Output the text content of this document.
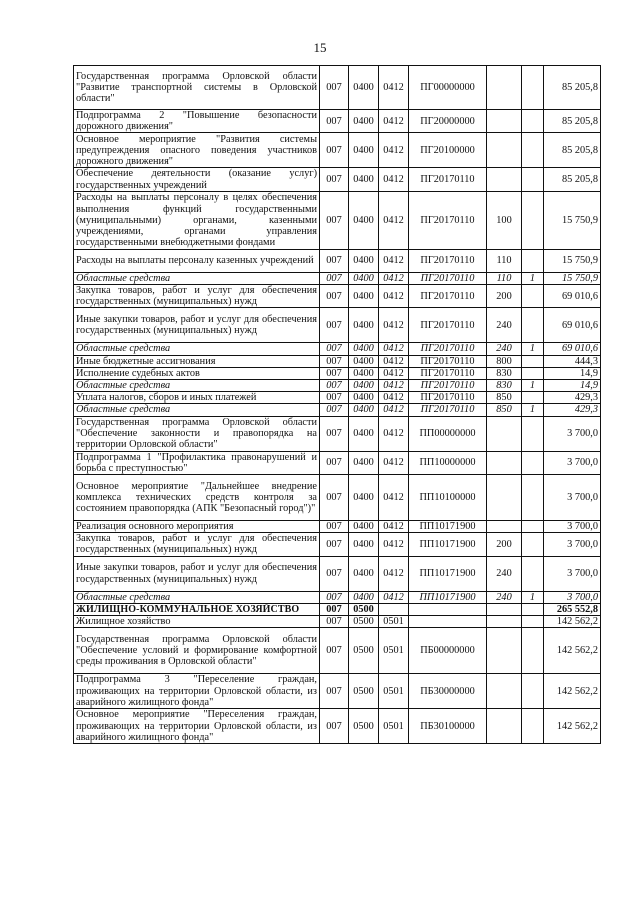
15
Государственная программа Орловской области "Развитие транспортной системы в Орловской области"	007	0400	0412	ПГ00000000			85 205,8
Подпрограмма 2 "Повышение безопасности дорожного движения"	007	0400	0412	ПГ20000000			85 205,8
Основное мероприятие "Развития системы предупреждения опасного поведения участников дорожного движения"	007	0400	0412	ПГ20100000			85 205,8
Обеспечение деятельности (оказание услуг) государственных учреждений	007	0400	0412	ПГ20170110			85 205,8
Расходы на выплаты персоналу в целях обеспечения выполнения функций государственными (муниципальными) органами, казенными учреждениями, органами управления государственными внебюджетными фондами	007	0400	0412	ПГ20170110	100		15 750,9
Расходы на выплаты персоналу казенных учреждений	007	0400	0412	ПГ20170110	110		15 750,9
Областные средства	007	0400	0412	ПГ20170110	110	1	15 750,9
Закупка товаров, работ и услуг для обеспечения государственных (муниципальных) нужд	007	0400	0412	ПГ20170110	200		69 010,6
Иные закупки товаров, работ и услуг для обеспечения государственных (муниципальных) нужд	007	0400	0412	ПГ20170110	240		69 010,6
Областные средства	007	0400	0412	ПГ20170110	240	1	69 010,6
Иные бюджетные ассигнования	007	0400	0412	ПГ20170110	800		444,3
Исполнение судебных актов	007	0400	0412	ПГ20170110	830		14,9
Областные средства	007	0400	0412	ПГ20170110	830	1	14,9
Уплата налогов, сборов и иных платежей	007	0400	0412	ПГ20170110	850		429,3
Областные средства	007	0400	0412	ПГ20170110	850	1	429,3
Государственная программа Орловской области "Обеспечение законности и правопорядка на территории Орловской области"	007	0400	0412	ПП00000000			3 700,0
Подпрограмма 1 "Профилактика правонарушений и борьба с преступностью"	007	0400	0412	ПП10000000			3 700,0
Основное мероприятие "Дальнейшее внедрение комплекса технических средств контроля за состоянием правопорядка (АПК "Безопасный город")"	007	0400	0412	ПП10100000			3 700,0
Реализация основного мероприятия	007	0400	0412	ПП10171900			3 700,0
Закупка товаров, работ и услуг для обеспечения государственных (муниципальных) нужд	007	0400	0412	ПП10171900	200		3 700,0
Иные закупки товаров, работ и услуг для обеспечения государственных (муниципальных) нужд	007	0400	0412	ПП10171900	240		3 700,0
Областные средства	007	0400	0412	ПП10171900	240	1	3 700,0
ЖИЛИЩНО-КОММУНАЛЬНОЕ ХОЗЯЙСТВО	007	0500					265 552,8
Жилищное хозяйство	007	0500	0501				142 562,2
Государственная программа Орловской области "Обеспечение условий и формирование комфортной среды проживания в Орловской области"	007	0500	0501	ПБ00000000			142 562,2
Подпрограмма 3 "Переселение граждан, проживающих на территории Орловской области, из аварийного жилищного фонда"	007	0500	0501	ПБ30000000			142 562,2
Основное мероприятие "Переселения граждан, проживающих на территории Орловской области, из аварийного жилищного фонда"	007	0500	0501	ПБ30100000			142 562,2
